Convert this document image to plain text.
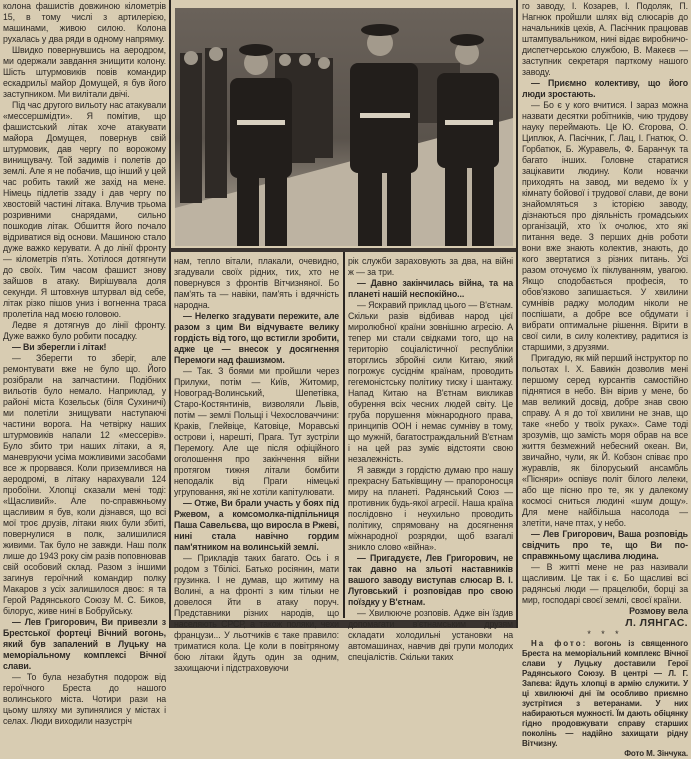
колона фашистів довжиною кілометрів 15, в тому числі з артилерією, машинами, живою силою. Колона рухалась у два ряди в одному напрямку.

Швидко повернувшись на аеродром, ми одержали завдання знищити колону. Шість штурмовиків повів командир ескадрильї майор Домущей, я був його заступником. Ми вилітали двічі.

Під час другого вильоту нас атакували «мессершмідти». Я помітив, що фашистський літак хоче атакувати майора Домущея, повернув свій штурмовик, дав чергу по ворожому винищувачу. Той задимів і полетів до землі. Але я не побачив, що інший у цей час робить такий же захід на мене. Німець підлетів ззаду і дав чергу по хвостовій частині літака. Влучив трьома розривними снарядами, сильно пошкодив літак. Обшиття його почало відриватися від основи. Машиною стало дуже важко керувати. А до лінії фронту — кілометрів п'ять. Хотілося дотягнути до своїх. Тим часом фашист знову зайшов в атаку. Вирішувала доля секунди. Я штовхнув штурвал від себе, літак різко пішов униз і вогненна траса пролетіла над моєю головою.

Ледве я дотягнув до лінії фронту. Дуже важко було робити посадку.

— Ви зберегли і літак!

— Зберегти то зберіг, але ремонтувати вже не було що. Його розібрали на запчастини. Подібних вильотів було немало. Наприклад, у районі міста Козельськ (біля Сухиничі) ми полетіли знищувати наступаючі частини ворога. На четвірку наших штурмовиків напали 12 «мессерів». Було збито три наших літаки, а я, маневруючи усіма можливими засобами все ж прорвався. Коли приземлився на аеродромі, в літаку нарахували 124 пробоїни. Хлопці сказали мені тоді: «Щасливий». Але по-справжньому щасливим я був, коли дізнався, що всі мої троє друзів, літаки яких були збиті, повернулися в полк, залишилися живими. Так було не завжди. Наш полк лише до 1943 року сім разів поповнював свій особовий склад. Разом з іншими загинув героїчний командир полку Макаров з усіх залишилося двоє: я та Герой Радянського Союзу М. С. Биков, білорус, живе нині в Бобруйську.

— Лев Григорович, Ви привезли з Брестської фортеці Вічний вогонь, який був запалений в Луцьку на меморіальному комплексі Вічної слави.

— То була незабутня подорож від героїчного Бреста до нашого волинського міста. Чотири рази на цьому шляху ми зупинялися у містах і селах. Люди виходили назустріч

нам, тепло вітали, плакали, очевидно, згадували своїх рідних, тих, хто не повернувся з фронтів Вітчизняної. Бо пам'ять та — навіки, пам'ять і вдячність народна.

— Нелегко згадувати пережите, але разом з цим Ви відчуваєте велику гордість від того, що встигли зробити, адже це — внесок у досягнення Перемоги над фашизмом.

— Так. З боями ми пройшли через Прилуки, потім — Київ, Житомир, Новоград-Волинський, Шепетівка, Старо-Костянтинів, визволяли Львів, потім — землі Польщі і Чехословаччини: Краків, Глейвіце, Катовіце, Моравські острови і, нарешті, Прага. Тут зустріли Перемогу. Але ще після офіційного оголошення про закінчення війни протягом тижня літали бомбити неподалік від Праги німецькі угруповання, які не хотіли капітулювати.

— Отже, Ви брали участь у боях під Ржевом, а комсомолка-підпільниця Паша Савельєва, що виросла в Ржеві, нині стала навічно гордим пам'ятником на волинській землі.

— Прикладів таких багато. Ось і я родом з Тбілісі. Батько росіянин, мати грузинка. І не думав, що житиму на Волині, а на фронті з ким тільки не довелося йти в атаку поруч. Представники різних народів, що населяють СРСР, а також поляки, чехи французи... У льотчиків є таке правило: триматися кола. Це коли в повітряному бою літаки йдуть один за одним, захищаючи і підстраховуючи

рік служби зараховують за два, на війні ж — за три.

— Давно закінчилась війна, та на планеті нашій неспокійно...

— Яскравий приклад цього — В'єтнам. Скільки разів відбивав народ цієї миролюбної країни зовнішню агресію. А тепер ми стали свідками того, що на територію соціалістичної республіки вторглись збройні сили Китаю, який погрожує сусіднім країнам, проводить гегемоністську політику тиску і шантажу. Напад Китаю на В'єтнам викликав обурення всіх чесних людей світу. Це груба порушення міжнародного права, принципів ООН і немає сумніву в тому, що мужній, багатостраждальний В'єтнам і на цей раз зуміє відстояти свою незалежність.

Я завжди з гордістю думаю про нашу прекрасну Батьківщину — прапороносця миру на планеті. Радянський Союз — противник будь-якої агресії. Наша країна послідовно і неухильно проводить політику, спрямовану на досягнення міжнародної розрядки, щоб взагалі зникло слово «війна».

— Пригадуєте, Лев Григорович, не так давно на зльоті наставників вашого заводу виступав слюсар В. І. Луговський і розповідав про свою поїздку у В'єтнам.

— Хвилююче розповів. Адже він їздив допомагати в'єтнамським друзям складати холодильні установки на автомашинах, навчив дві групи молодих спеціалістів. Скільки таких

го заводу, І. Козарев, І. Подоляк, П. Нагнюк пройшли шлях від слюсарів до начальників цехів, А. Пасічник працював штампувальником, нині відає виробничо-диспетчерською службою, В. Макеєв — заступник секретаря парткому нашого заводу.

— Приємно колективу, що його люди зростають.

— Бо є у кого вчитися. І зараз можна назвати десятки робітників, чию трудову науку переймають. Це Ю. Єгорова, О. Циплюк, А. Пасічник, Г. Лац, І. Гнатюк, О. Горбатюк, Б. Журавель, Ф. Баранчук та багато інших. Головне старатися зацікавити людину. Коли новачки приходять на завод, ми ведемо їх у кімнату бойової і трудової слави, де вони знайомляться з історією заводу, дізнаються про діяльність громадських організацій, хто їх очолює, хто які питання веде. З перших днів роботи вони вже знають колектив, знають, до кого звертатися з різних питань. Усі разом оточуємо їх піклуванням, увагою. Якщо сподобається професія, то обов'язково запишається. У хвилини сумнівів раджу молодим ніколи не поспішати, а добре все обдумати і вибрати оптимальне рішення. Вірити в свої сили, в силу колективу, радитися із старшими, з друзями.

Пригадую, як мій перший інструктор по польотах І. Х. Бавикін дозволив мені першому серед курсантів самостійно піднятися в небо. Він вірив у мене, бо мав великий досвід, добре знав свою справу. А я до тої хвилини не знав, що таке «небо у твоїх руках». Саме тоді зрозумів, що замість моря обрав на все життя безмежний небесний океан. Ви, звичайно, чули, як Й. Кобзон співає про журавлів, як білоруський ансамбль «Пісняри» оспівує політ білого лелеки, або ще пісню про те, як у далекому космосі сниться людині «шум дощу». Для мене найбільша насолода — злетіти, наче птах, у небо.

— Лев Григорович, Ваша розповідь свідчить про те, що Ви по-справжньому щаслива людина.

— В житті мене не раз називали щасливим. Це так і є. Бо щасливі всі радянські люди — працелюби, борці за мир, господарі своєї землі, своєї країни.

Розмову вела

Л. ЛЯНГАС.

* * *

На фото: вогонь із священного Бреста на меморіальний комплекс Вічної слави у Луцьку доставили Герої Радянського Союзу. В центрі — Л. Г. Запєва: йдуть хлопці в армію служити. У ці хвилюючі дні їм особливо приємно зустрітися з ветеранами. У них набираються мужності. Їм дають обіцянку гідно продовжувати справу старших поколінь — надійно захищати рідну Вітчизну.

Фото М. Зінчука.
